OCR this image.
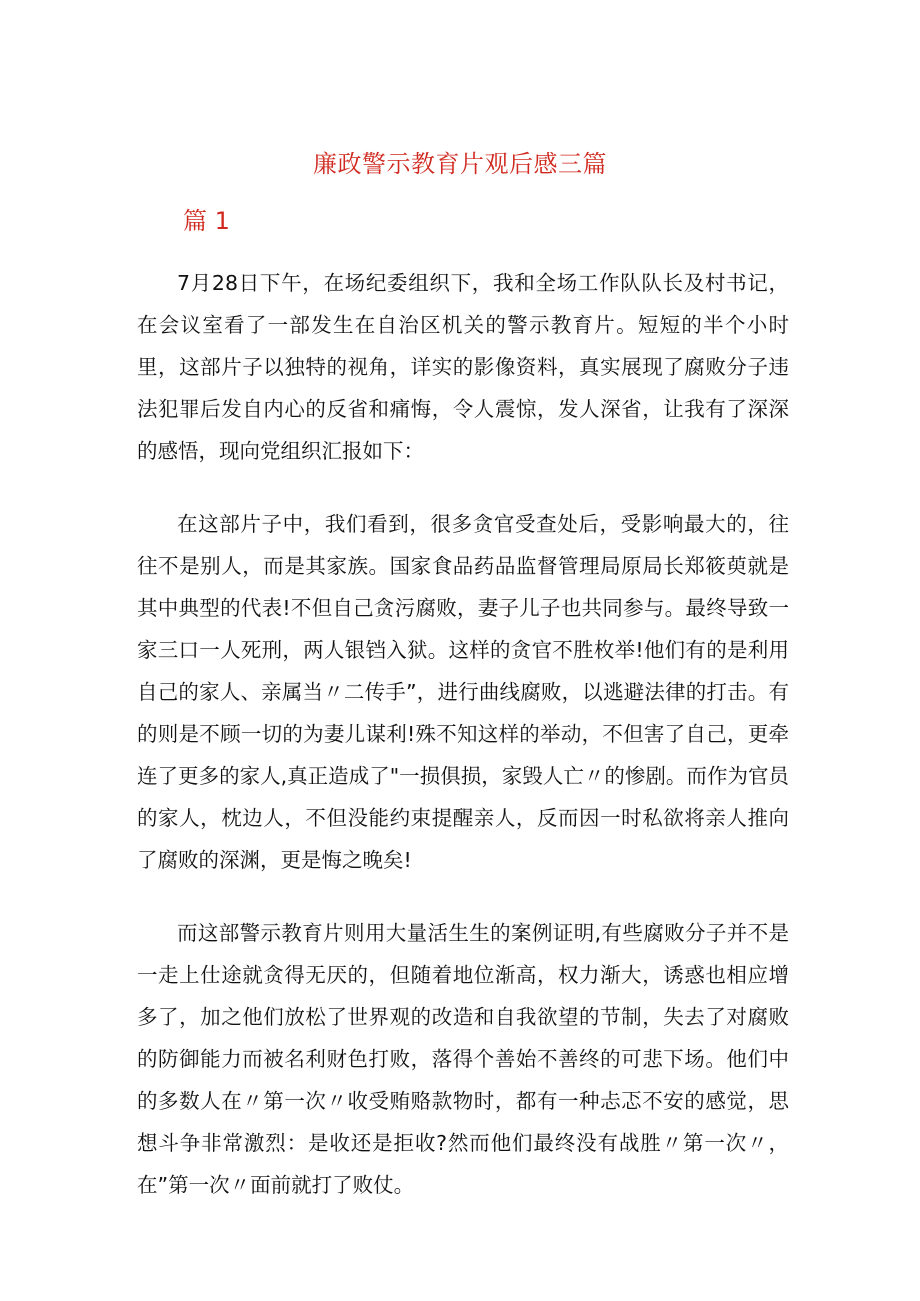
廉政警示教育片观后感三篇
篇 1

7月28日下午，在场纪委组织下，我和全场工作队队长及村书记，在会议室看了一部发生在自治区机关的警示教育片。短短的半个小时里，这部片子以独特的视角，详实的影像资料，真实展现了腐败分子违法犯罪后发自内心的反省和痛悔，令人震惊，发人深省，让我有了深深的感悟，现向党组织汇报如下：

在这部片子中，我们看到，很多贪官受查处后，受影响最大的，往往不是别人，而是其家族。国家食品药品监督管理局原局长郑筱萸就是其中典型的代表!不但自己贪污腐败，妻子儿子也共同参与。最终导致一家三口一人死刑，两人银铛入狱。这样的贪官不胜枚举!他们有的是利用自己的家人、亲属当〃二传手”，进行曲线腐败，以逃避法律的打击。有的则是不顾一切的为妻儿谋利!殊不知这样的举动，不但害了自己，更牵连了更多的家人,真正造成了"一损俱损，家毁人亡〃的惨剧。而作为官员的家人，枕边人，不但没能约束提醒亲人，反而因一时私欲将亲人推向了腐败的深渊，更是悔之晚矣!

而这部警示教育片则用大量活生生的案例证明,有些腐败分子并不是一走上仕途就贪得无厌的，但随着地位渐高，权力渐大，诱惑也相应增多了，加之他们放松了世界观的改造和自我欲望的节制，失去了对腐败的防御能力而被名利财色打败，落得个善始不善终的可悲下场。他们中的多数人在〃第一次〃收受贿赂款物时，都有一种忐忑不安的感觉，思想斗争非常激烈：是收还是拒收?然而他们最终没有战胜〃第一次〃，在”第一次〃面前就打了败仗。
